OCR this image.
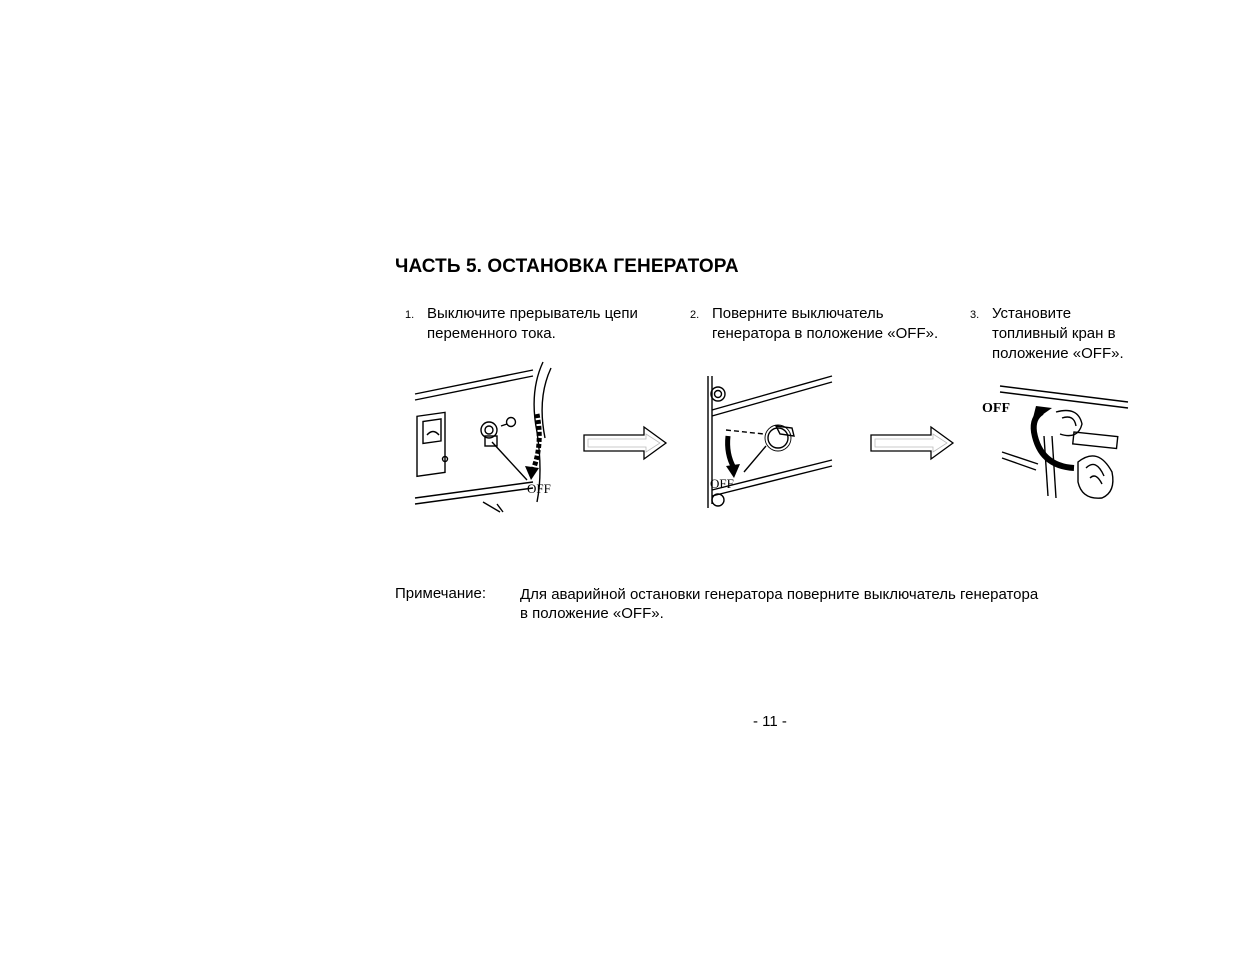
ЧАСТЬ 5. ОСТАНОВКА ГЕНЕРАТОРА
1. Выключите прерыватель цепи
переменного тока.
2. Поверните выключатель
генератора в положение «OFF».
3. Установите
топливный кран в
положение «OFF».
OFF	OFF
OFF
Примечание: Для аварийной остановки генератора поверните выключатель генератора
в положение «OFF».
- 11 -
